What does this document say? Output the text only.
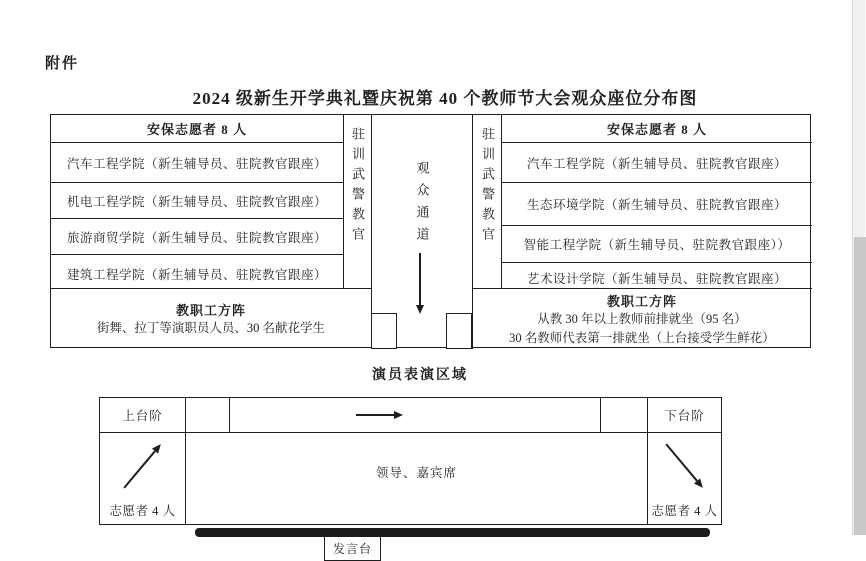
附件
2024 级新生开学典礼暨庆祝第 40 个教师节大会观众座位分布图
安保志愿者 8 人
汽车工程学院（新生辅导员、驻院教官跟座）
机电工程学院（新生辅导员、驻院教官跟座）
旅游商贸学院（新生辅导员、驻院教官跟座）
建筑工程学院（新生辅导员、驻院教官跟座）
驻训武警教官	观众通道	驻训武警教官	安保志愿者 8 人
汽车工程学院（新生辅导员、驻院教官跟座）
生态环境学院（新生辅导员、驻院教官跟座）
智能工程学院（新生辅导员、驻院教官跟座））
艺术设计学院（新生辅导员、驻院教官跟座）
教职工方阵
街舞、拉丁等演职员人员、30 名献花学生
教职工方阵
从教 30 年以上教师前排就坐（95 名）
30 名教师代表第一排就坐（上台接受学生鲜花）
演员表演区域
上台阶	下台阶
志愿者 4 人
领导、嘉宾席
发言台
志愿者 4 人
